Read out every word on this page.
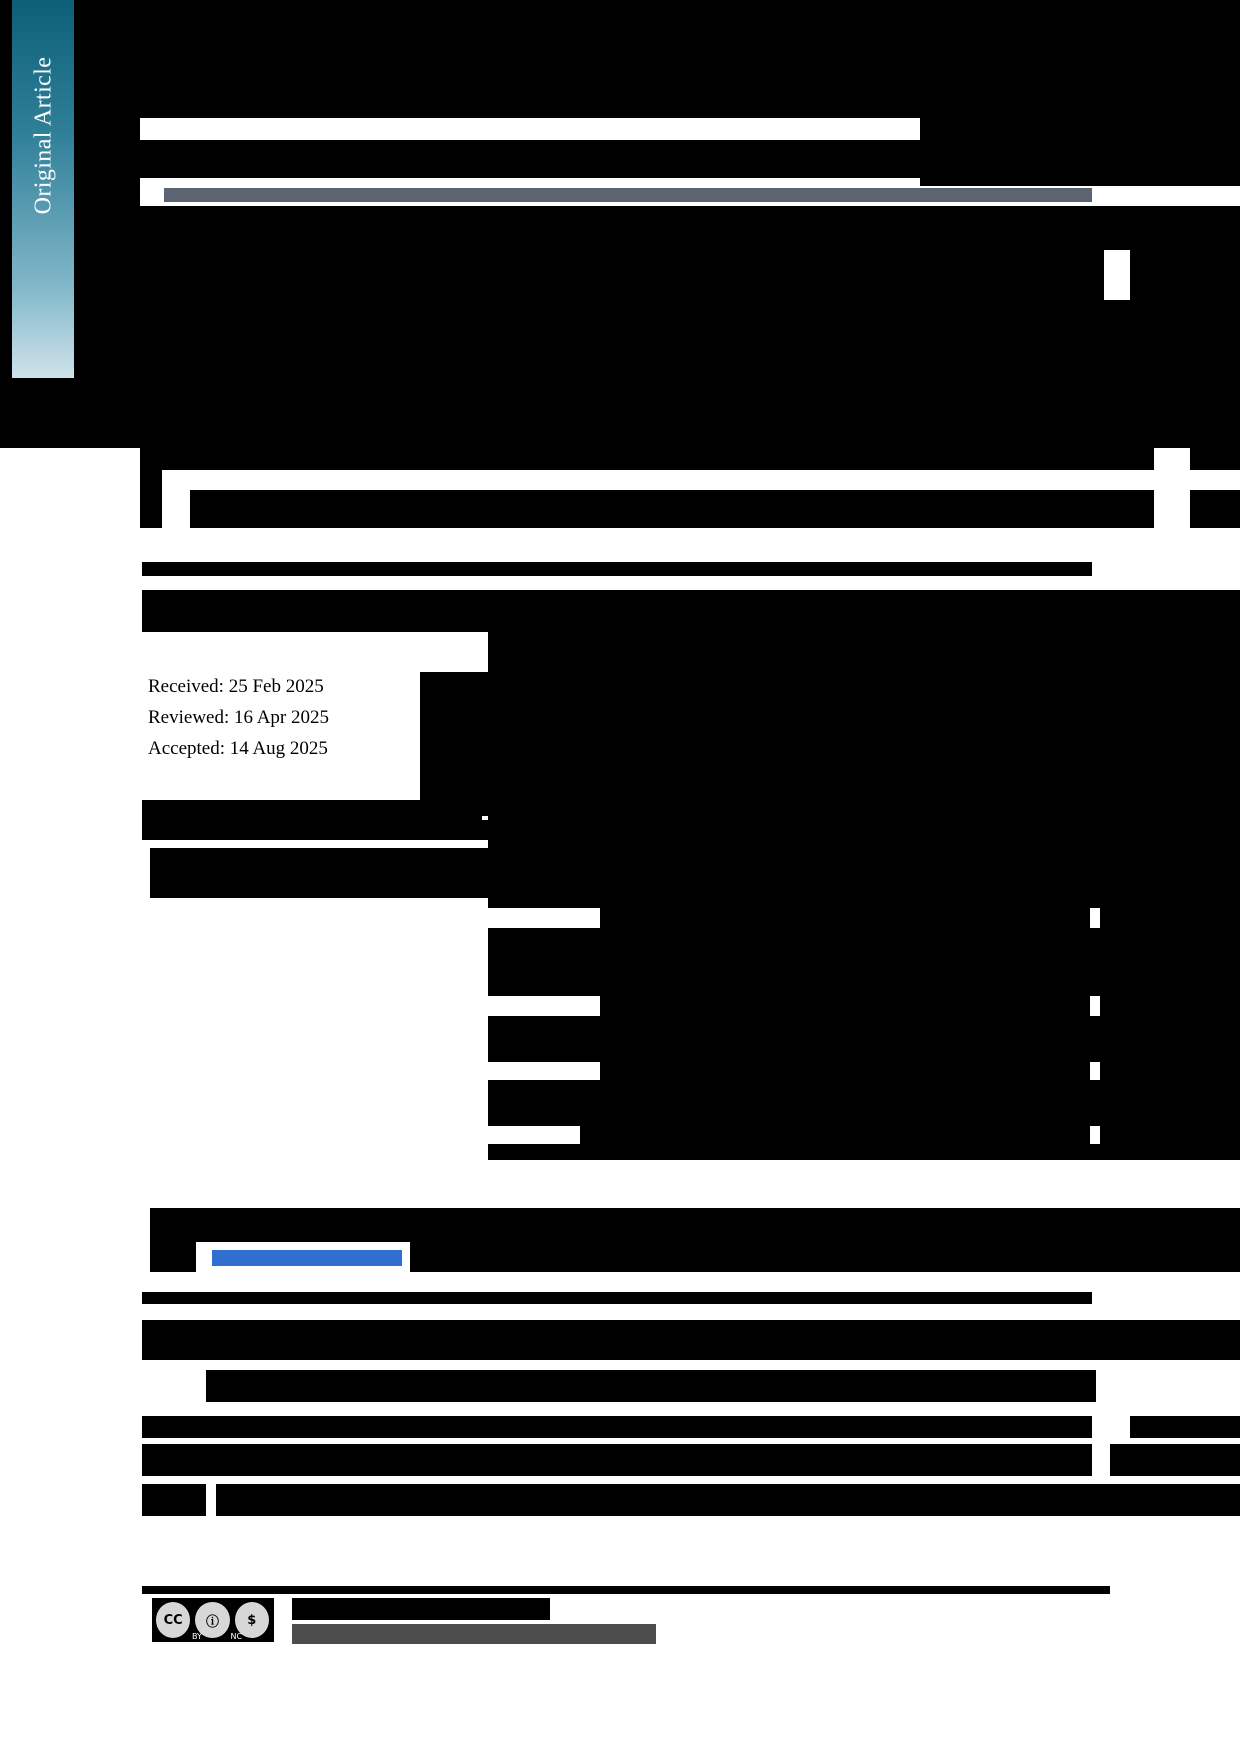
Original Article
Received: 25 Feb 2025
Reviewed: 16 Apr 2025
Accepted: 14 Aug 2025
CC	ⓘ	$
BY	NC
